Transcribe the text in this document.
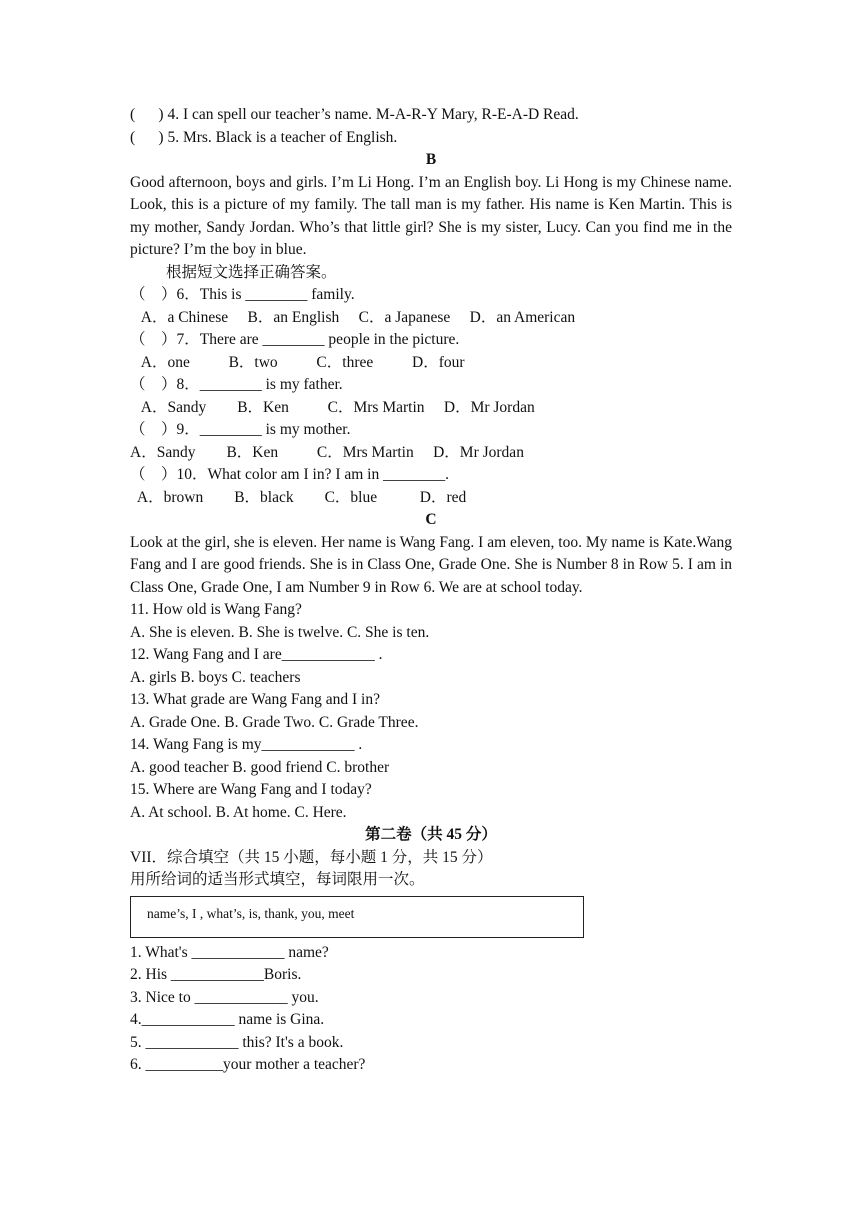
(      ) 4. I can spell our teacher’s name. M-A-R-Y Mary, R-E-A-D Read.
(      ) 5. Mrs. Black is a teacher of English.
B
Good afternoon, boys and girls. I’m Li Hong. I’m an English boy. Li Hong is my Chinese name. Look, this is a picture of my family. The tall man is my father. His name is Ken Martin. This is my mother, Sandy Jordan. Who’s that little girl? She is my sister, Lucy. Can you find me in the picture? I’m the boy in blue.
根据短文选择正确答案。
（    ）6．This is ________ family.
A．a Chinese     B．an English     C．a Japanese     D．an American
（    ）7．There are ________ people in the picture.
A．one          B．two          C．three          D．four
（    ）8．________ is my father.
A．Sandy        B．Ken          C．Mrs Martin     D．Mr Jordan
（    ）9．________ is my mother.
A．Sandy        B．Ken          C．Mrs Martin     D．Mr Jordan
（    ）10．What color am I in? I am in ________.
A．brown        B．black        C．blue           D．red
C
Look at the girl, she is eleven. Her name is Wang Fang. I am eleven, too. My name is Kate.Wang Fang and I are good friends. She is in Class One, Grade One. She is Number 8 in Row 5. I am in Class One, Grade One, I am Number 9 in Row 6. We are at school today.
11. How old is Wang Fang?
A. She is eleven. B. She is twelve. C. She is ten.
12. Wang Fang and I are____________ .
A. girls B. boys C. teachers
13. What grade are Wang Fang and I in?
A. Grade One. B. Grade Two. C. Grade Three.
14. Wang Fang is my____________ .
A. good teacher B. good friend C. brother
15. Where are Wang Fang and I today?
A. At school. B. At home. C. Here.
第二卷（共 45 分）
VII．综合填空（共 15 小题，每小题 1 分，共 15 分）
用所给词的适当形式填空，每词限用一次。
name’s, I , what’s, is, thank, you, meet
1. What's ____________ name?
2. His ____________Boris.
3. Nice to ____________ you.
4.____________ name is Gina.
5. ____________ this? It's a book.
6. __________your mother a teacher?
